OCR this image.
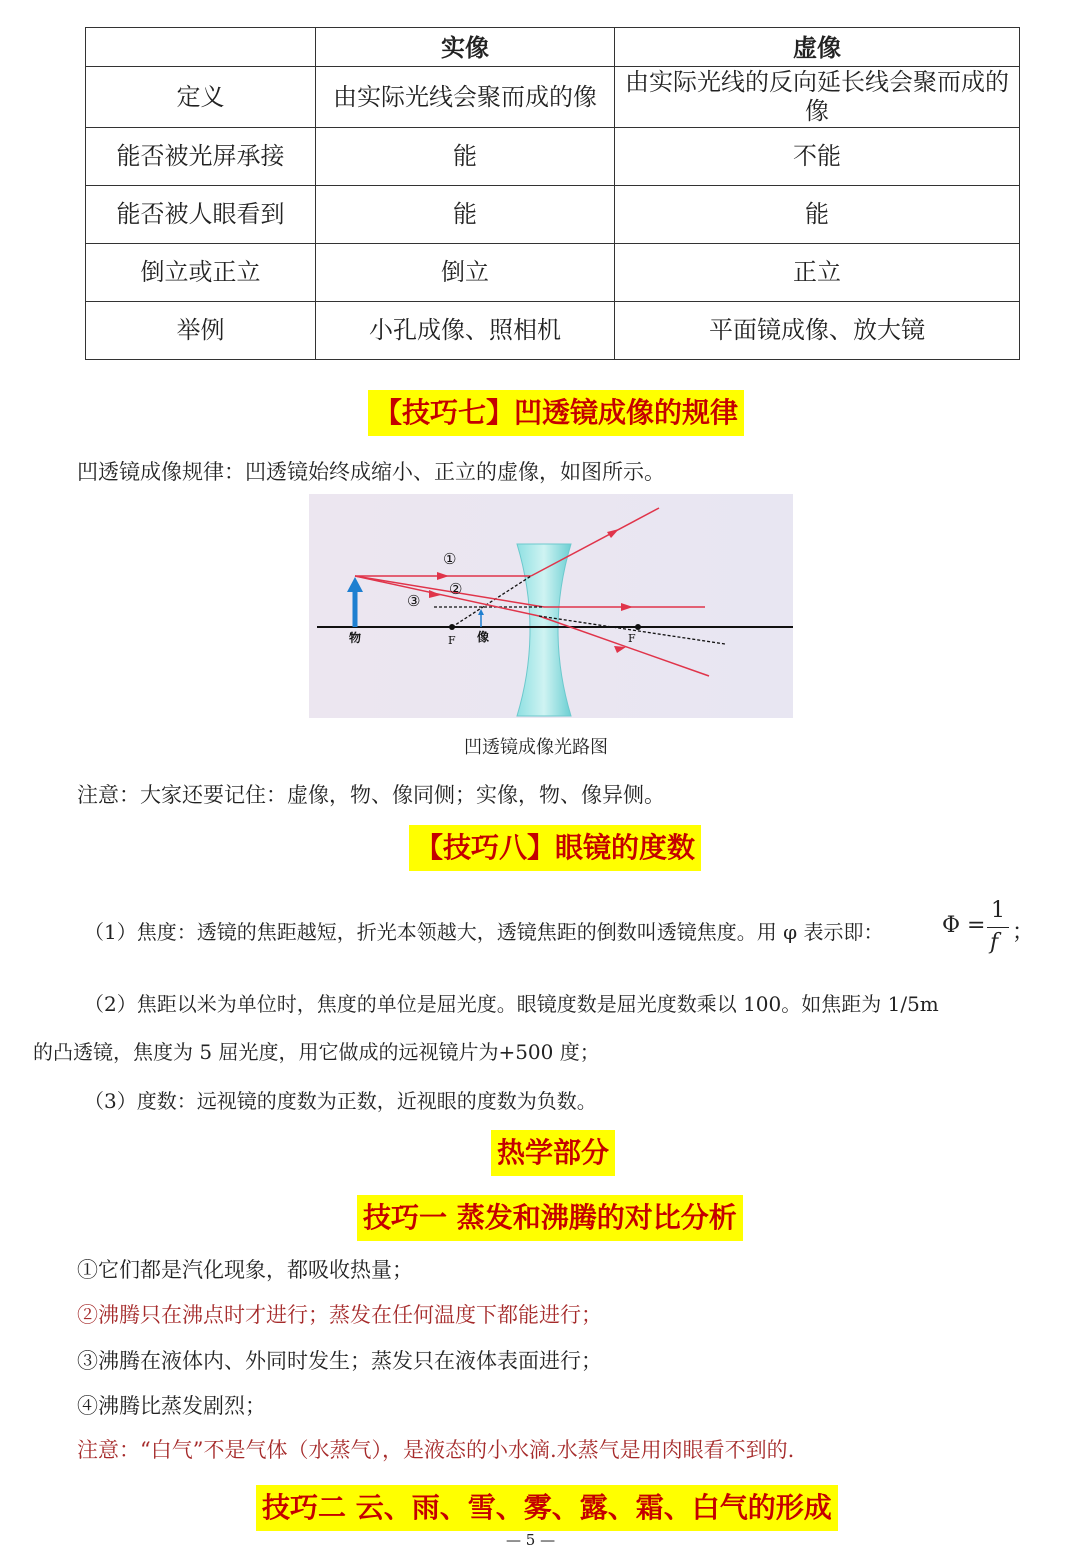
	实像	虚像
定义	由实际光线会聚而成的像	由实际光线的反向延长线会聚而成的像
能否被光屏承接	能	不能
能否被人眼看到	能	能
倒立或正立	倒立	正立
举例	小孔成像、照相机	平面镜成像、放大镜
【技巧七】凹透镜成像的规律
凹透镜成像规律：凹透镜始终成缩小、正立的虚像，如图所示。
②
①
③
物	F 像	F
凹透镜成像光路图
注意：大家还要记住：虚像，物、像同侧；实像，物、像异侧。
【技巧八】眼镜的度数
（1）焦度：透镜的焦距越短，折光本领越大，透镜焦距的倒数叫透镜焦度。用 φ 表示即：	Φ =
1
f ；
（2）焦距以米为单位时，焦度的单位是屈光度。眼镜度数是屈光度数乘以 100。如焦距为 1/5m
的凸透镜，焦度为 5 屈光度，用它做成的远视镜片为+500 度；
（3）度数：远视镜的度数为正数，近视眼的度数为负数。
热学部分
技巧一 蒸发和沸腾的对比分析
①它们都是汽化现象，都吸收热量；
②沸腾只在沸点时才进行；蒸发在任何温度下都能进行；
③沸腾在液体内、外同时发生；蒸发只在液体表面进行；
④沸腾比蒸发剧烈；
注意：“白气”不是气体（水蒸气），是液态的小水滴.水蒸气是用肉眼看不到的.
技巧二 云、雨、雪、雾、露、霜、白气的形成
— 5 —
